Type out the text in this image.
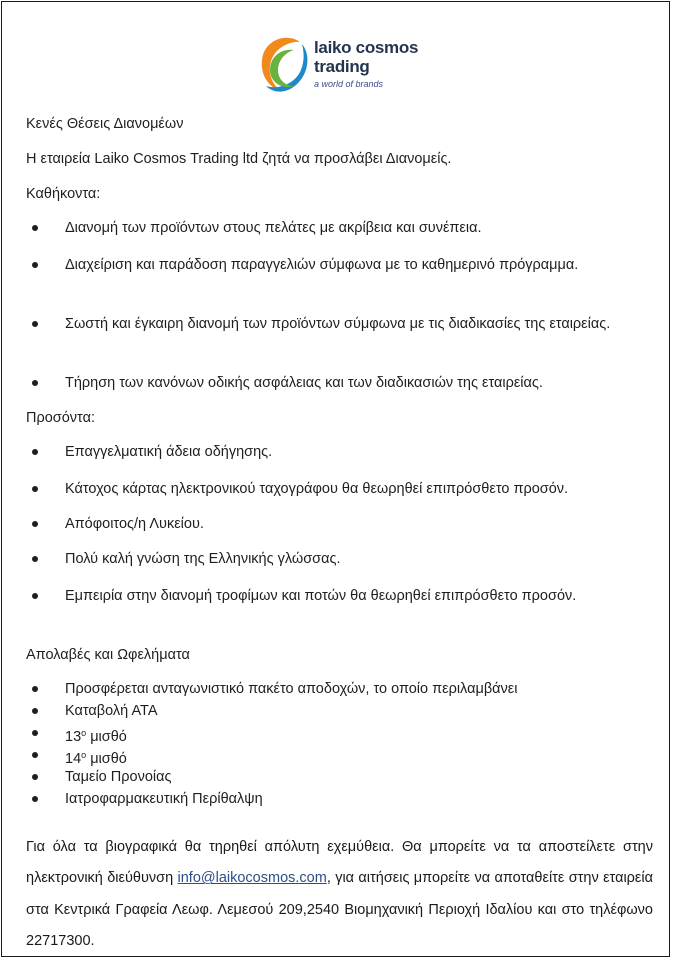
laiko cosmos
trading
a world of brands
Κενές Θέσεις Διανομέων
Η εταιρεία Laiko Cosmos Trading ltd ζητά να προσλάβει Διανομείς.
Καθήκοντα:
Διανομή των προϊόντων στους πελάτες με ακρίβεια και συνέπεια.
Διαχείριση και παράδοση παραγγελιών σύμφωνα με το καθημερινό πρόγραμμα.
Σωστή και έγκαιρη διανομή των προϊόντων σύμφωνα με τις διαδικασίες της εταιρείας.
Τήρηση των κανόνων οδικής ασφάλειας και των διαδικασιών της εταιρείας.
Προσόντα:
Επαγγελματική άδεια οδήγησης.
Κάτοχος κάρτας ηλεκτρονικού ταχογράφου θα θεωρηθεί επιπρόσθετο προσόν.
Απόφοιτος/η Λυκείου.
Πολύ καλή γνώση της Ελληνικής γλώσσας.
Εμπειρία στην διανομή τροφίμων και ποτών θα θεωρηθεί επιπρόσθετο προσόν.
Απολαβές και Ωφελήματα
Προσφέρεται ανταγωνιστικό πακέτο αποδοχών, το οποίο περιλαμβάνει
Καταβολή ΑΤΑ
$13^o$ μισθό
$14^o$ μισθό
Ταμείο Προνοίας
Ιατροφαρμακευτική Περίθαλψη
Για όλα τα βιογραφικά θα τηρηθεί απόλυτη εχεμύθεια. Θα μπορείτε να τα αποστείλετε στην ηλεκτρονική διεύθυνση info@laikocosmos.com, για αιτήσεις μπορείτε να αποταθείτε στην εταιρεία στα Κεντρικά Γραφεία Λεωφ. Λεμεσού 209,2540 Βιομηχανική Περιοχή Ιδαλίου και στο τηλέφωνο 22717300.
